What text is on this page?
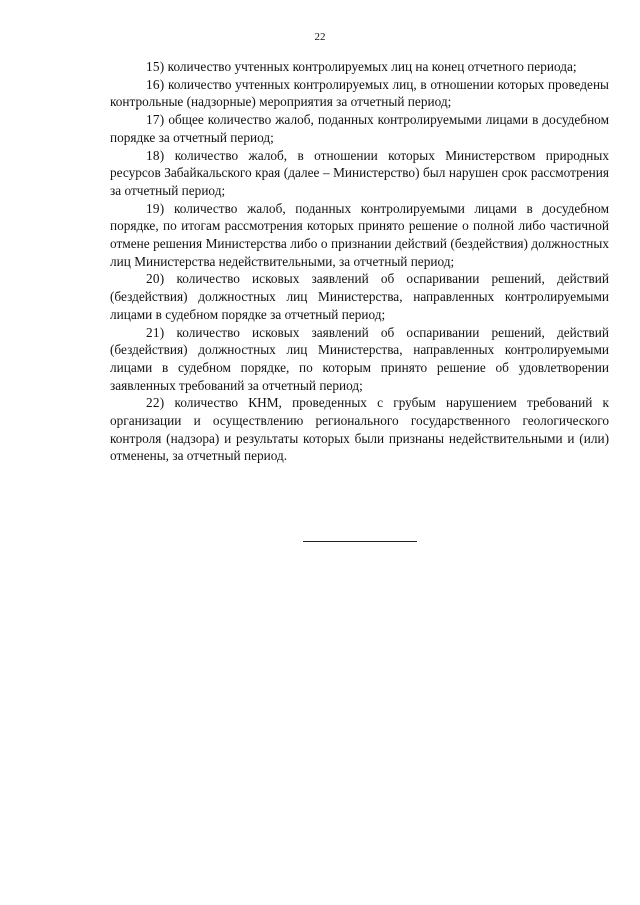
22

15) количество учтенных контролируемых лиц на конец отчетного периода;

16) количество учтенных контролируемых лиц, в отношении которых проведены контрольные (надзорные) мероприятия за отчетный период;

17) общее количество жалоб, поданных контролируемыми лицами в досудебном порядке за отчетный период;

18) количество жалоб, в отношении которых Министерством природных ресурсов Забайкальского края (далее – Министерство) был нарушен срок рассмотрения за отчетный период;

19) количество жалоб, поданных контролируемыми лицами в досудебном порядке, по итогам рассмотрения которых принято решение о полной либо частичной отмене решения Министерства либо о признании действий (бездействия) должностных лиц Министерства недействительными, за отчетный период;

20) количество исковых заявлений об оспаривании решений, действий (бездействия) должностных лиц Министерства, направленных контролируемыми лицами в судебном порядке за отчетный период;

21) количество исковых заявлений об оспаривании решений, действий (бездействия) должностных лиц Министерства, направленных контролируемыми лицами в судебном порядке, по которым принято решение об удовлетворении заявленных требований за отчетный период;

22) количество КНМ, проведенных с грубым нарушением требований к организации и осуществлению регионального государственного геологического контроля (надзора) и результаты которых были признаны недействительными и (или) отменены, за отчетный период.
